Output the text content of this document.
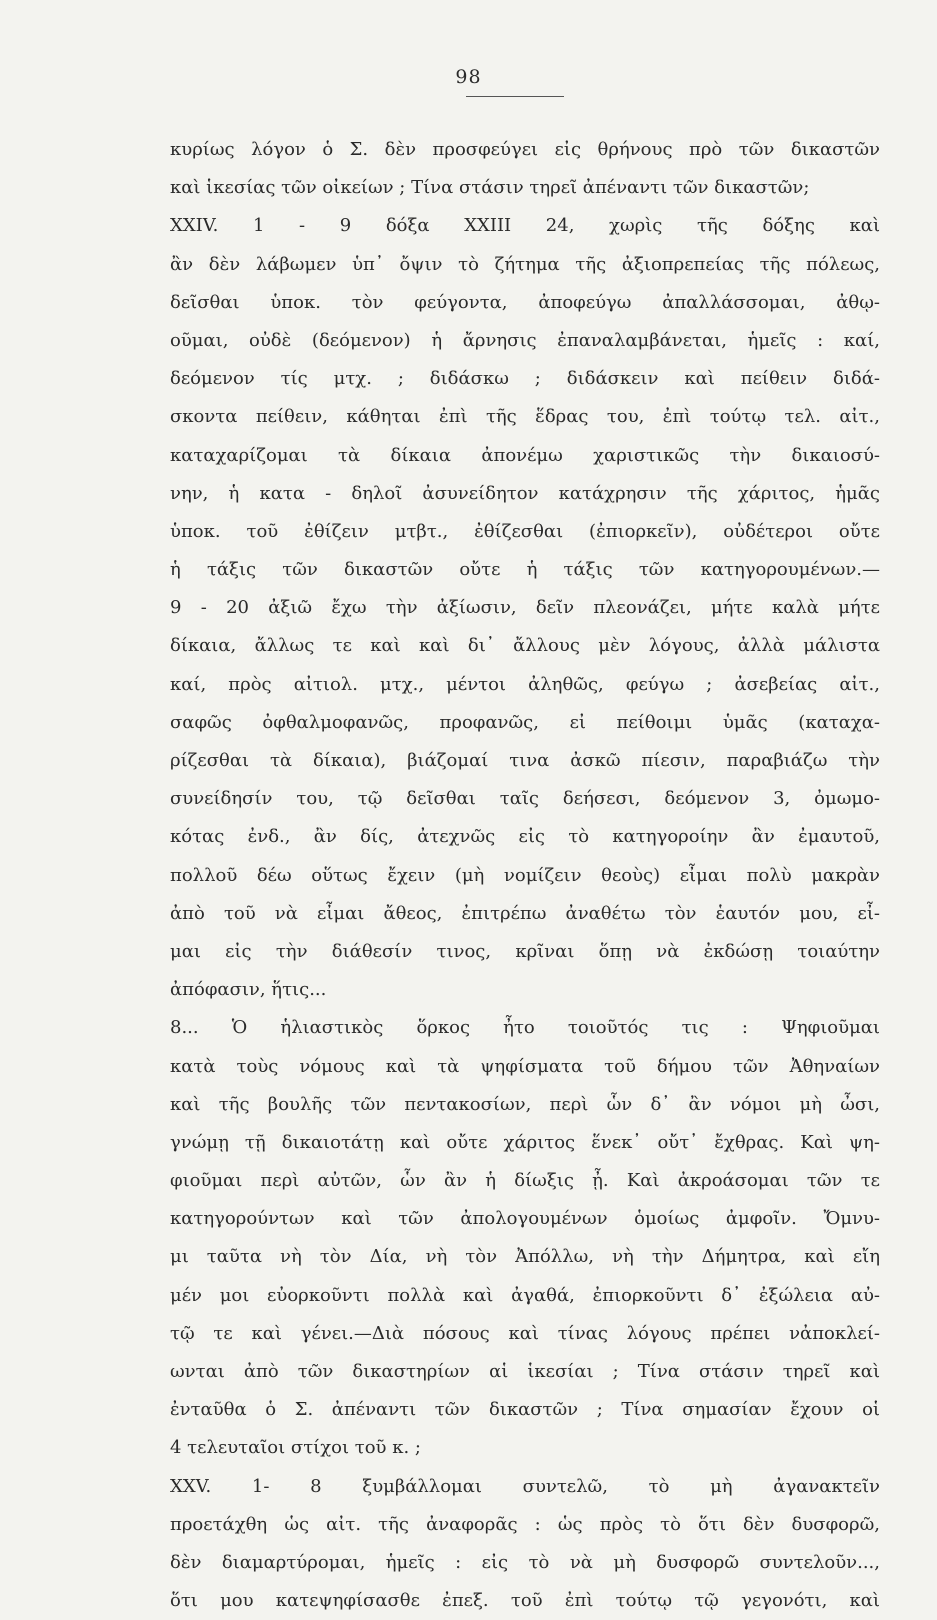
98
κυρίως λόγον ὁ Σ. δὲν προσφεύγει εἰς θρήνους πρὸ τῶν δικαστῶν
καὶ ἱκεσίας τῶν οἰκείων ; Τίνα στάσιν τηρεῖ ἀπέναντι τῶν δικαστῶν;
XXIV. 1 - 9 δόξα XXIII 24, χωρὶς τῆς δόξης καὶ
ἂν δὲν λάβωμεν ὑπ᾿ ὄψιν τὸ ζήτημα τῆς ἀξιοπρεπείας τῆς πόλεως,
δεῖσθαι ὑποκ. τὸν φεύγοντα, ἀποφεύγω ἀπαλλάσσομαι, ἀθῳ-
οῦμαι, οὐδὲ (δεόμενον) ἡ ἄρνησις ἐπαναλαμβάνεται, ἡμεῖς : καί,
δεόμενον τίς μτχ. ; διδάσκω ; διδάσκειν καὶ πείθειν διδά-
σκοντα πείθειν, κάθηται ἐπὶ τῆς ἕδρας του, ἐπὶ τούτῳ τελ. αἰτ.,
καταχαρίζομαι τὰ δίκαια ἀπονέμω χαριστικῶς τὴν δικαιοσύ-
νην, ἡ κατα - δηλοῖ ἀσυνείδητον κατάχρησιν τῆς χάριτος, ἡμᾶς
ὑποκ. τοῦ ἐθίζειν μτβτ., ἐθίζεσθαι (ἐπιορκεῖν), οὐδέτεροι οὔτε
ἡ τάξις τῶν δικαστῶν οὔτε ἡ τάξις τῶν κατηγορουμένων.—
9 - 20 ἀξιῶ ἔχω τὴν ἀξίωσιν, δεῖν πλεονάζει, μήτε καλὰ μήτε
δίκαια, ἄλλως τε καὶ καὶ δι᾿ ἄλλους μὲν λόγους, ἀλλὰ μάλιστα
καί, πρὸς αἰτιολ. μτχ., μέντοι ἀληθῶς, φεύγω ; ἀσεβείας αἰτ.,
σαφῶς ὀφθαλμοφανῶς, προφανῶς, εἰ πείθοιμι ὑμᾶς (καταχα-
ρίζεσθαι τὰ δίκαια), βιάζομαί τινα ἀσκῶ πίεσιν, παραβιάζω τὴν
συνείδησίν του, τῷ δεῖσθαι ταῖς δεήσεσι, δεόμενον 3, ὀμωμο-
κότας ἐνδ., ἂν δίς, ἀτεχνῶς εἰς τὸ κατηγορoίην ἂν ἐμαυτοῦ,
πολλοῦ δέω οὕτως ἔχειν (μὴ νομίζειν θεοὺς) εἶμαι πολὺ μακρὰν
ἀπὸ τοῦ νὰ εἶμαι ἄθεος, ἐπιτρέπω ἀναθέτω τὸν ἑαυτόν μου, εἶ-
μαι εἰς τὴν διάθεσίν τινος, κρῖναι ὅπῃ νὰ ἐκδώσῃ τοιαύτην
ἀπόφασιν, ἥτις...
8... Ὁ ἡλιαστικὸς ὅρκος ἦτο τοιοῦτός τις : Ψηφιοῦμαι
κατὰ τοὺς νόμους καὶ τὰ ψηφίσματα τοῦ δήμου τῶν Ἀθηναίων
καὶ τῆς βουλῆς τῶν πεντακοσίων, περὶ ὧν δ᾿ ἂν νόμοι μὴ ὦσι,
γνώμῃ τῇ δικαιοτάτῃ καὶ οὔτε χάριτος ἕνεκ᾿ οὔτ᾿ ἔχθρας. Καὶ ψη-
φιοῦμαι περὶ αὐτῶν, ὧν ἂν ἡ δίωξις ᾖ. Καὶ ἀκροάσομαι τῶν τε
κατηγορούντων καὶ τῶν ἀπολογουμένων ὁμοίως ἀμφοῖν. Ὄμνυ-
μι ταῦτα νὴ τὸν Δία, νὴ τὸν Ἀπόλλω, νὴ τὴν Δήμητρα, καὶ εἴη
μέν μοι εὐορκοῦντι πολλὰ καὶ ἀγαθά, ἐπιορκοῦντι δ᾿ ἐξώλεια αὐ-
τῷ τε καὶ γένει.—Διὰ πόσους καὶ τίνας λόγους πρέπει νἀποκλεί-
ωνται ἀπὸ τῶν δικαστηρίων αἱ ἱκεσίαι ; Τίνα στάσιν τηρεῖ καὶ
ἐνταῦθα ὁ Σ. ἀπέναντι τῶν δικαστῶν ; Τίνα σημασίαν ἔχουν οἱ
4 τελευταῖοι στίχοι τοῦ κ. ;
XXV. 1- 8 ξυμβάλλομαι συντελῶ, τὸ μὴ ἀγανακτεῖν
προετάχθη ὡς αἰτ. τῆς ἀναφορᾶς : ὡς πρὸς τὸ ὅτι δὲν δυσφορῶ,
δὲν διαμαρτύρομαι, ἡμεῖς : εἰς τὸ νὰ μὴ δυσφορῶ συντελοῦν...,
ὅτι μου κατεψηφίσασθε ἐπεξ. τοῦ ἐπὶ τούτῳ τῷ γεγονότι, καὶ
